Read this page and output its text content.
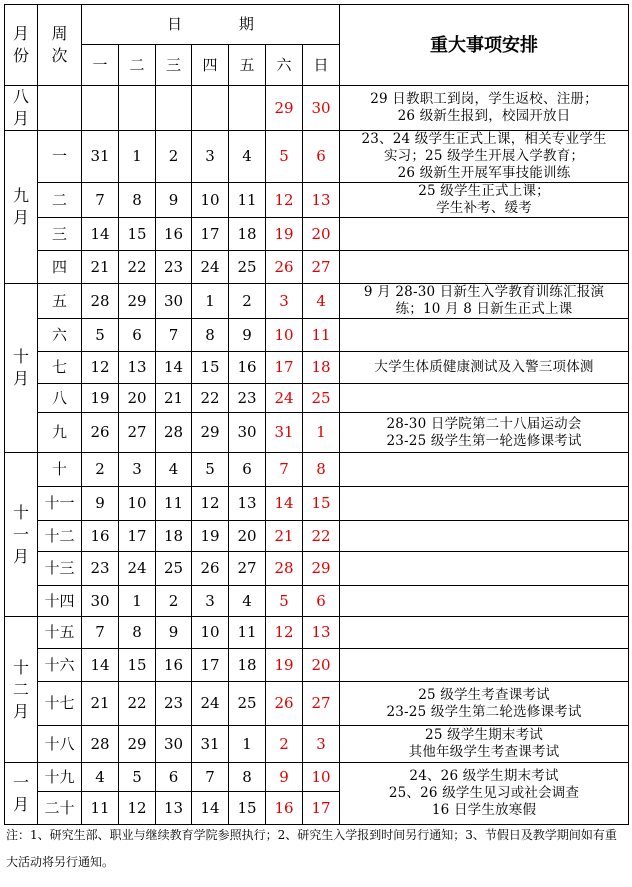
月
份	周
次	日 期							重大事项安排
		一	二	三	四	五	六	日	

八
月							29	30	29 日教职工到岗，学生返校、注册；
26 级新生报到，校园开放日

九
月	一	31	1	2	3	4	5	6	23、24 级学生正式上课，相关专业学生
实习；25 级学生开展入学教育；
26 级新生开展军事技能训练

	二	7	8	9	10	11	12	13	25 级学生正式上课；
学生补考、缓考

	三	14	15	16	17	18	19	20	
	四	21	22	23	24	25	26	27	

十
月	五	28	29	30	1	2	3	4	9 月 28-30 日新生入学教育训练汇报演
练；10 月 8 日新生正式上课

	六	5	6	7	8	9	10	11	
	七	12	13	14	15	16	17	18	大学生体质健康测试及入警三项体测

	八	19	20	21	22	23	24	25	
	九	26	27	28	29	30	31	1	28-30 日学院第二十八届运动会
23-25 级学生第一轮选修课考试

十
一
月	十	2	3	4	5	6	7	8	
	十一	9	10	11	12	13	14	15	
	十二	16	17	18	19	20	21	22	
	十三	23	24	25	26	27	28	29	
	十四	30	1	2	3	4	5	6	

十
二
月	十五	7	8	9	10	11	12	13	
	十六	14	15	16	17	18	19	20	
	十七	21	22	23	24	25	26	27	25 级学生考查课考试
23-25 级学生第二轮选修课考试

	十八	28	29	30	31	1	2	3	25 级学生期末考试
其他年级学生考查课考试

一
月	十九	4	5	6	7	8	9	10	24、26 级学生期末考试
25、26 级学生见习或社会调查
16 日学生放寒假

	二十	11	12	13	14	15	16	17	
注：1、研究生部、职业与继续教育学院参照执行；2、研究生入学报到时间另行通知；3、节假日及教学期间如有重大活动将另行通知。
